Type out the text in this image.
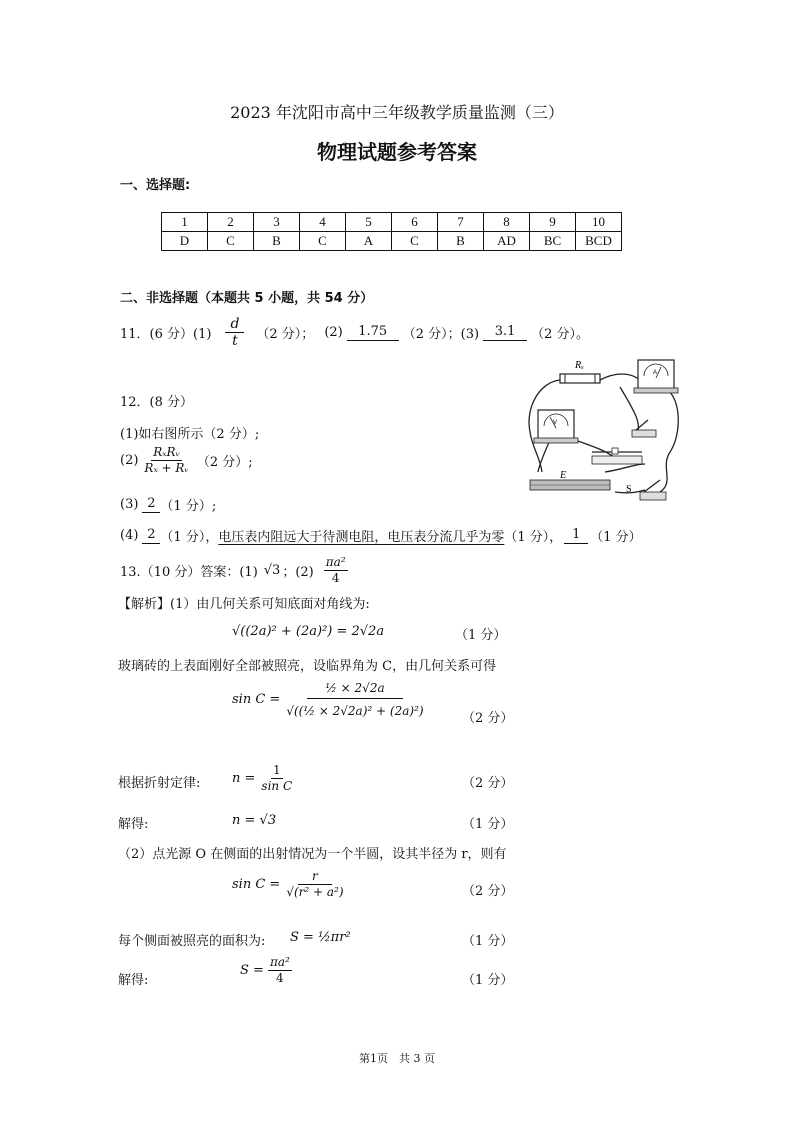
2023 年沈阳市高中三年级教学质量监测（三）
物理试题参考答案
一、选择题:
1	2	3	4	5	6	7	8	9	10
D	C	B	C	A	C	B	AD	BC	BCD
二、非选择题（本题共 5 小题，共 54 分）
11．(6 分）$(1) \frac{d}{t} (2$ 分）； (2)	1.75	（2 分）；(3)	3.1	（2 分）。
12．(8 分）
(1)如右图所示（2 分）;
$(2) \frac{\text{RₓRᵥ}}{\text{Rₓ + Rᵥ}} (2$ 分）;
(3) 2 （1 分）;
(4) 2 （1 分）， 电压表内阻远大于待测电阻，电压表分流几乎为零 （1 分）， 1 （1 分）
Rₓ
A
V
E
S
13.（10 分）答案：(1) √3 ；$(2) \frac{\text{πa²}}{4}$
【解析】(1）由几何关系可知底面对角线为:
√((2a)² + (2a)²) = 2√2a	（1 分）
玻璃砖的上表面刚好全部被照亮，设临界角为 C，由几何关系可得
$\sin C = \frac{\text{½ × 2√2a}}{\text{√((½ × 2√2a)² + (2a)²)}}$
（2 分）
根据折射定律: $n = \frac{1}{\text{sin C}}$	（2 分）
解得:	n = √3	（1 分）
（2）点光源 O 在侧面的出射情况为一个半圆，设其半径为 r，则有
$\sin C = \frac{r}{\text{√(r² + a²)}}$	（2 分）
每个侧面被照亮的面积为: S = ½πr²	（1 分）
解得:
$S = \frac{\text{πa²}}{4}$	（1 分）
第1页　共 3 页
